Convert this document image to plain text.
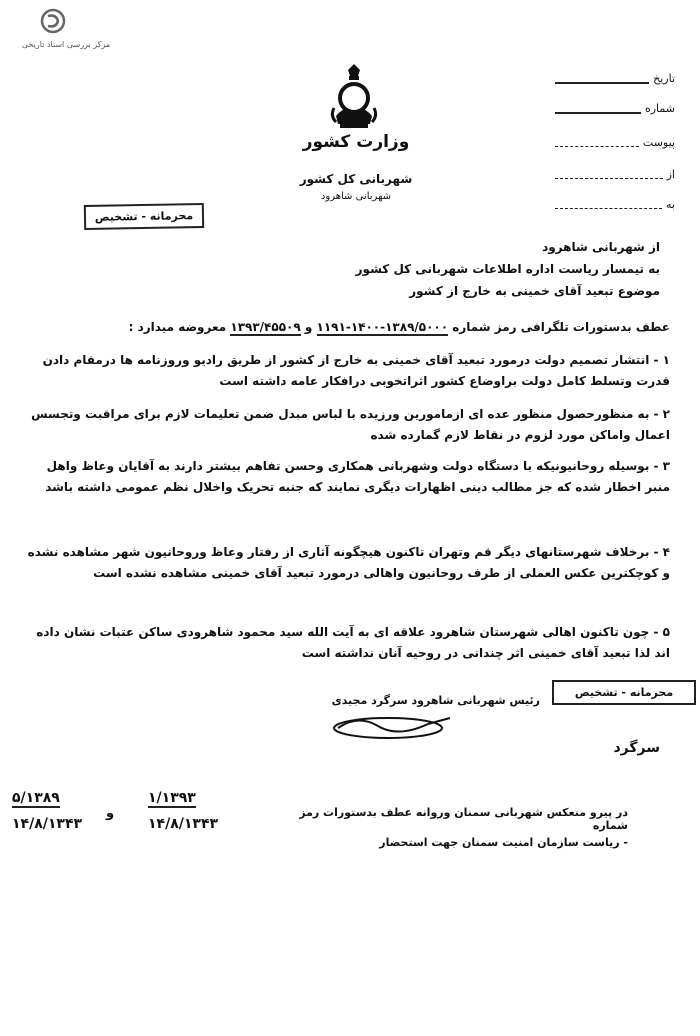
مرکز بررسی اسناد تاریخی
وزارت کشور
شهربانی کل کشور
شهربانی شاهرود
تاریخ
شماره
پیوست
از
به
محرمانه - تشخیص
از شهربانی شاهرود
به تیمسار ریاست اداره اطلاعات شهربانی کل کشور
موضوع تبعید آقای خمینی به خارج از کشور
عطف بدستورات تلگرافی رمز شماره ۱۳۸۹/۵۰۰۰-۱۴۰۰-۱۱۹۱ و ۱۳۹۳/۴۵۵۰۹ معروضه میدارد :
۱ - انتشار تصمیم دولت درمورد تبعید آقای خمینی به خارج از کشور از طریق رادیو وروزنامه ها درمقام دادن قدرت وتسلط کامل دولت براوضاع کشور اثراتخوبی درافکار عامه داشته است
۲ - به منظورحصول منظور عده ای ازمامورین ورزیده با لباس مبدل ضمن تعلیمات لازم برای مراقبت وتجسس اعمال واماکن مورد لزوم در نقاط لازم گمارده شده
۳ - بوسیله روحانیونیکه با دستگاه دولت وشهربانی همکاری وحسن تفاهم بیشتر دارند به آقایان وعاظ واهل منبر اخطار شده که جز مطالب دینی اظهارات دیگری نمایند که جنبه تحریک واخلال نظم عمومی داشته باشد
۴ - برخلاف شهرستانهای دیگر قم وتهران تاکنون هیچگونه آثاری از رفتار وعاظ وروحانیون شهر مشاهده نشده و کوچکترین عکس العملی از طرف روحانیون واهالی درمورد تبعید آقای خمینی مشاهده نشده است
۵ - چون تاکنون اهالی شهرستان شاهرود علاقه ای به آیت الله سید محمود شاهرودی ساکن عتبات نشان داده اند لذا تبعید آقای خمینی اثر چندانی در روحیه آنان نداشته است
رئیس شهربانی شاهرود سرگرد مجیدی
محرمانه - تشخیص
سرگرد
۵/۱۳۸۹
۱۴/۸/۱۳۴۳
و
۱/۱۳۹۳
۱۴/۸/۱۳۴۳
در پیرو منعکس شهربانی سمنان وروانه عطف بدستورات رمز شماره
- ریاست سازمان امنیت سمنان جهت استحضار
